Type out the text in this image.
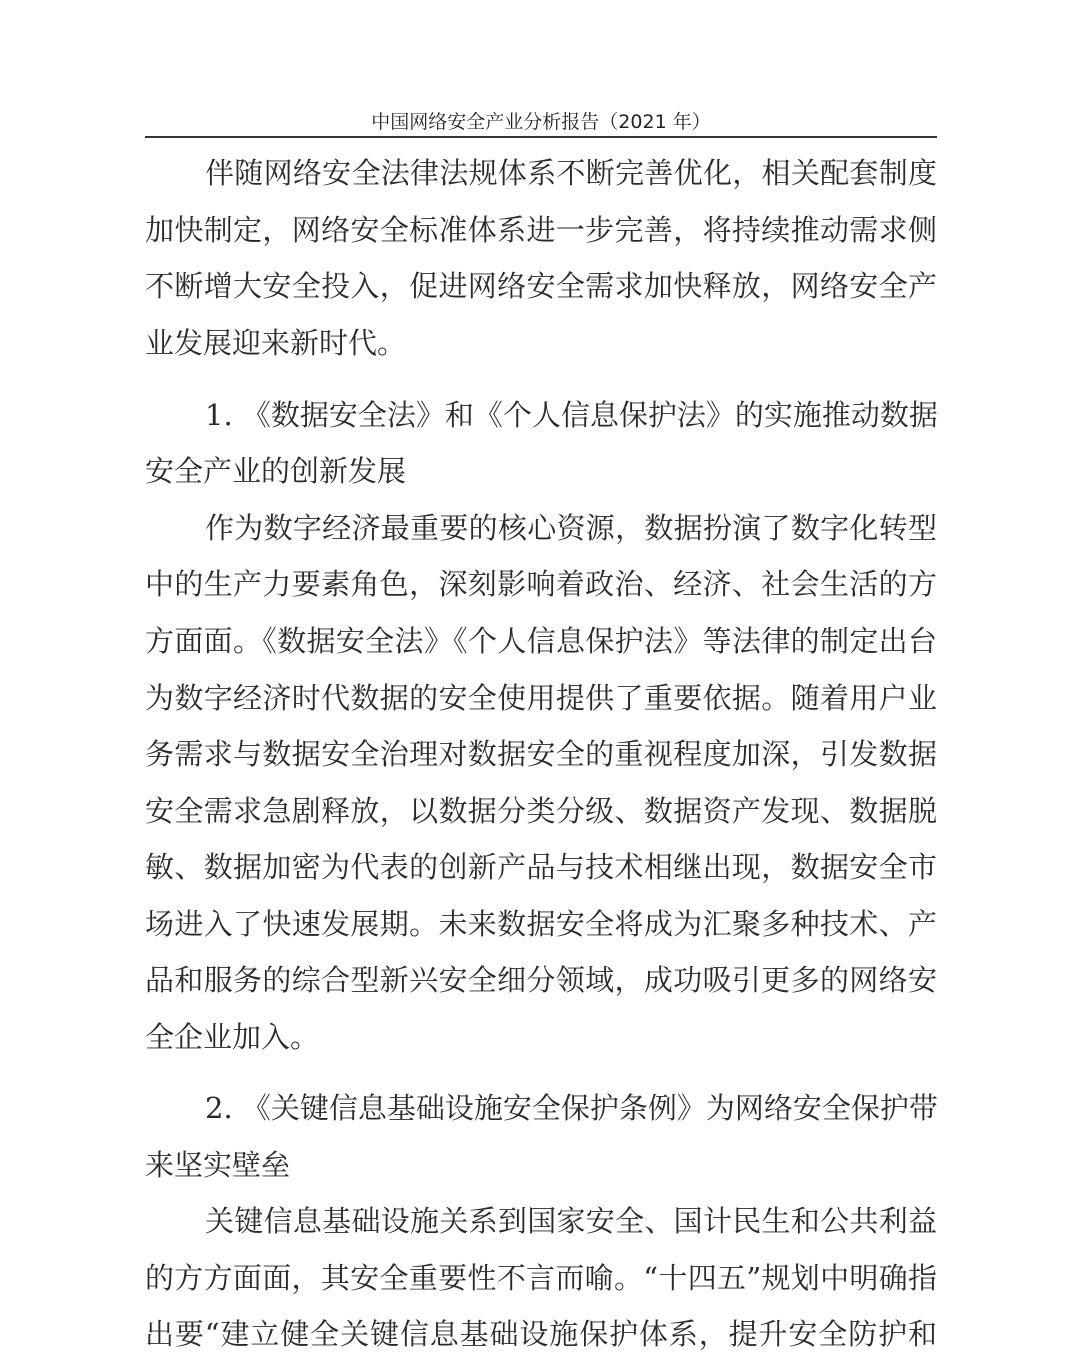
中国网络安全产业分析报告（2021 年）
伴随网络安全法律法规体系不断完善优化，相关配套制度
加快制定，网络安全标准体系进一步完善，将持续推动需求侧
不断增大安全投入，促进网络安全需求加快释放，网络安全产
业发展迎来新时代。
1. 《数据安全法》和《个人信息保护法》的实施推动数据
安全产业的创新发展
作为数字经济最重要的核心资源，数据扮演了数字化转型
中的生产力要素角色，深刻影响着政治、经济、社会生活的方
方面面。《数据安全法》《个人信息保护法》等法律的制定出台
为数字经济时代数据的安全使用提供了重要依据。随着用户业
务需求与数据安全治理对数据安全的重视程度加深，引发数据
安全需求急剧释放，以数据分类分级、数据资产发现、数据脱
敏、数据加密为代表的创新产品与技术相继出现，数据安全市
场进入了快速发展期。未来数据安全将成为汇聚多种技术、产
品和服务的综合型新兴安全细分领域，成功吸引更多的网络安
全企业加入。
2. 《关键信息基础设施安全保护条例》为网络安全保护带
来坚实壁垒
关键信息基础设施关系到国家安全、国计民生和公共利益
的方方面面，其安全重要性不言而喻。“十四五”规划中明确指
出要“建立健全关键信息基础设施保护体系，提升安全防护和
